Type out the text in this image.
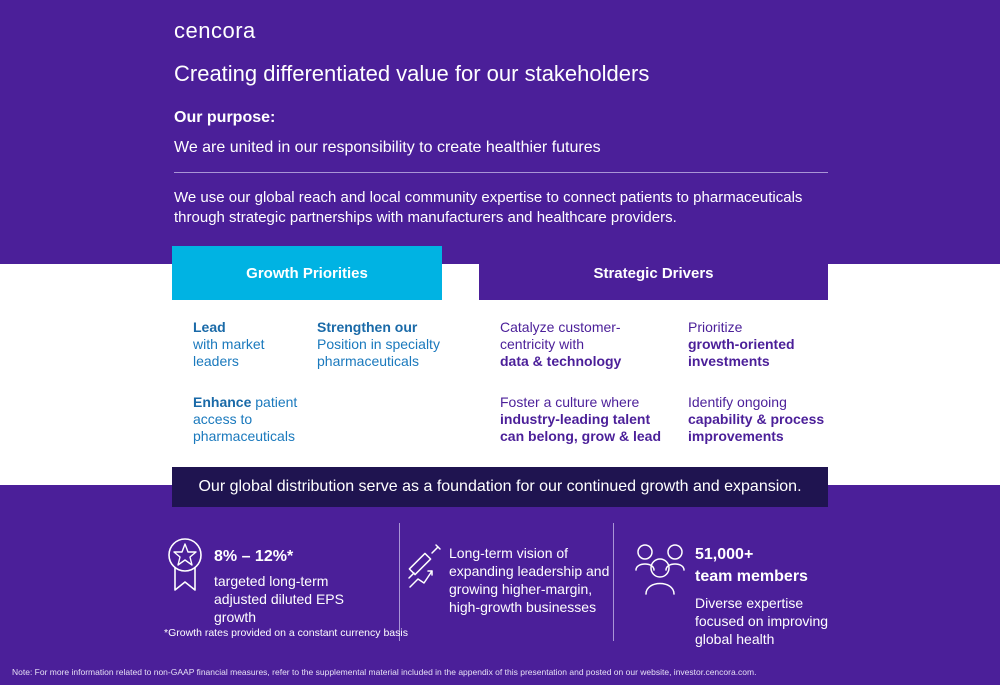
cencora
Creating differentiated value for our stakeholders
Our purpose:
We are united in our responsibility to create healthier futures
We use our global reach and local community expertise to connect patients to pharmaceuticals through strategic partnerships with manufacturers and healthcare providers.
Growth Priorities	Strategic Drivers
Lead
with market leaders
Strengthen our
Position in specialty pharmaceuticals
Enhance patient access to pharmaceuticals
Catalyze customer-centricity with
data & technology
Prioritize
growth-oriented investments
Foster a culture where
industry-leading talent can belong, grow & lead
Identify ongoing
capability & process improvements
Our global distribution serve as a foundation for our continued growth and expansion.
8% – 12%*
targeted long-term adjusted diluted EPS growth
*Growth rates provided on a constant currency basis
Long-term vision of expanding leadership and growing higher-margin, high-growth businesses
51,000+
team members
Diverse expertise focused on improving global health
Note: For more information related to non-GAAP financial measures, refer to the supplemental material included in the appendix of this presentation and posted on our website, investor.cencora.com.
